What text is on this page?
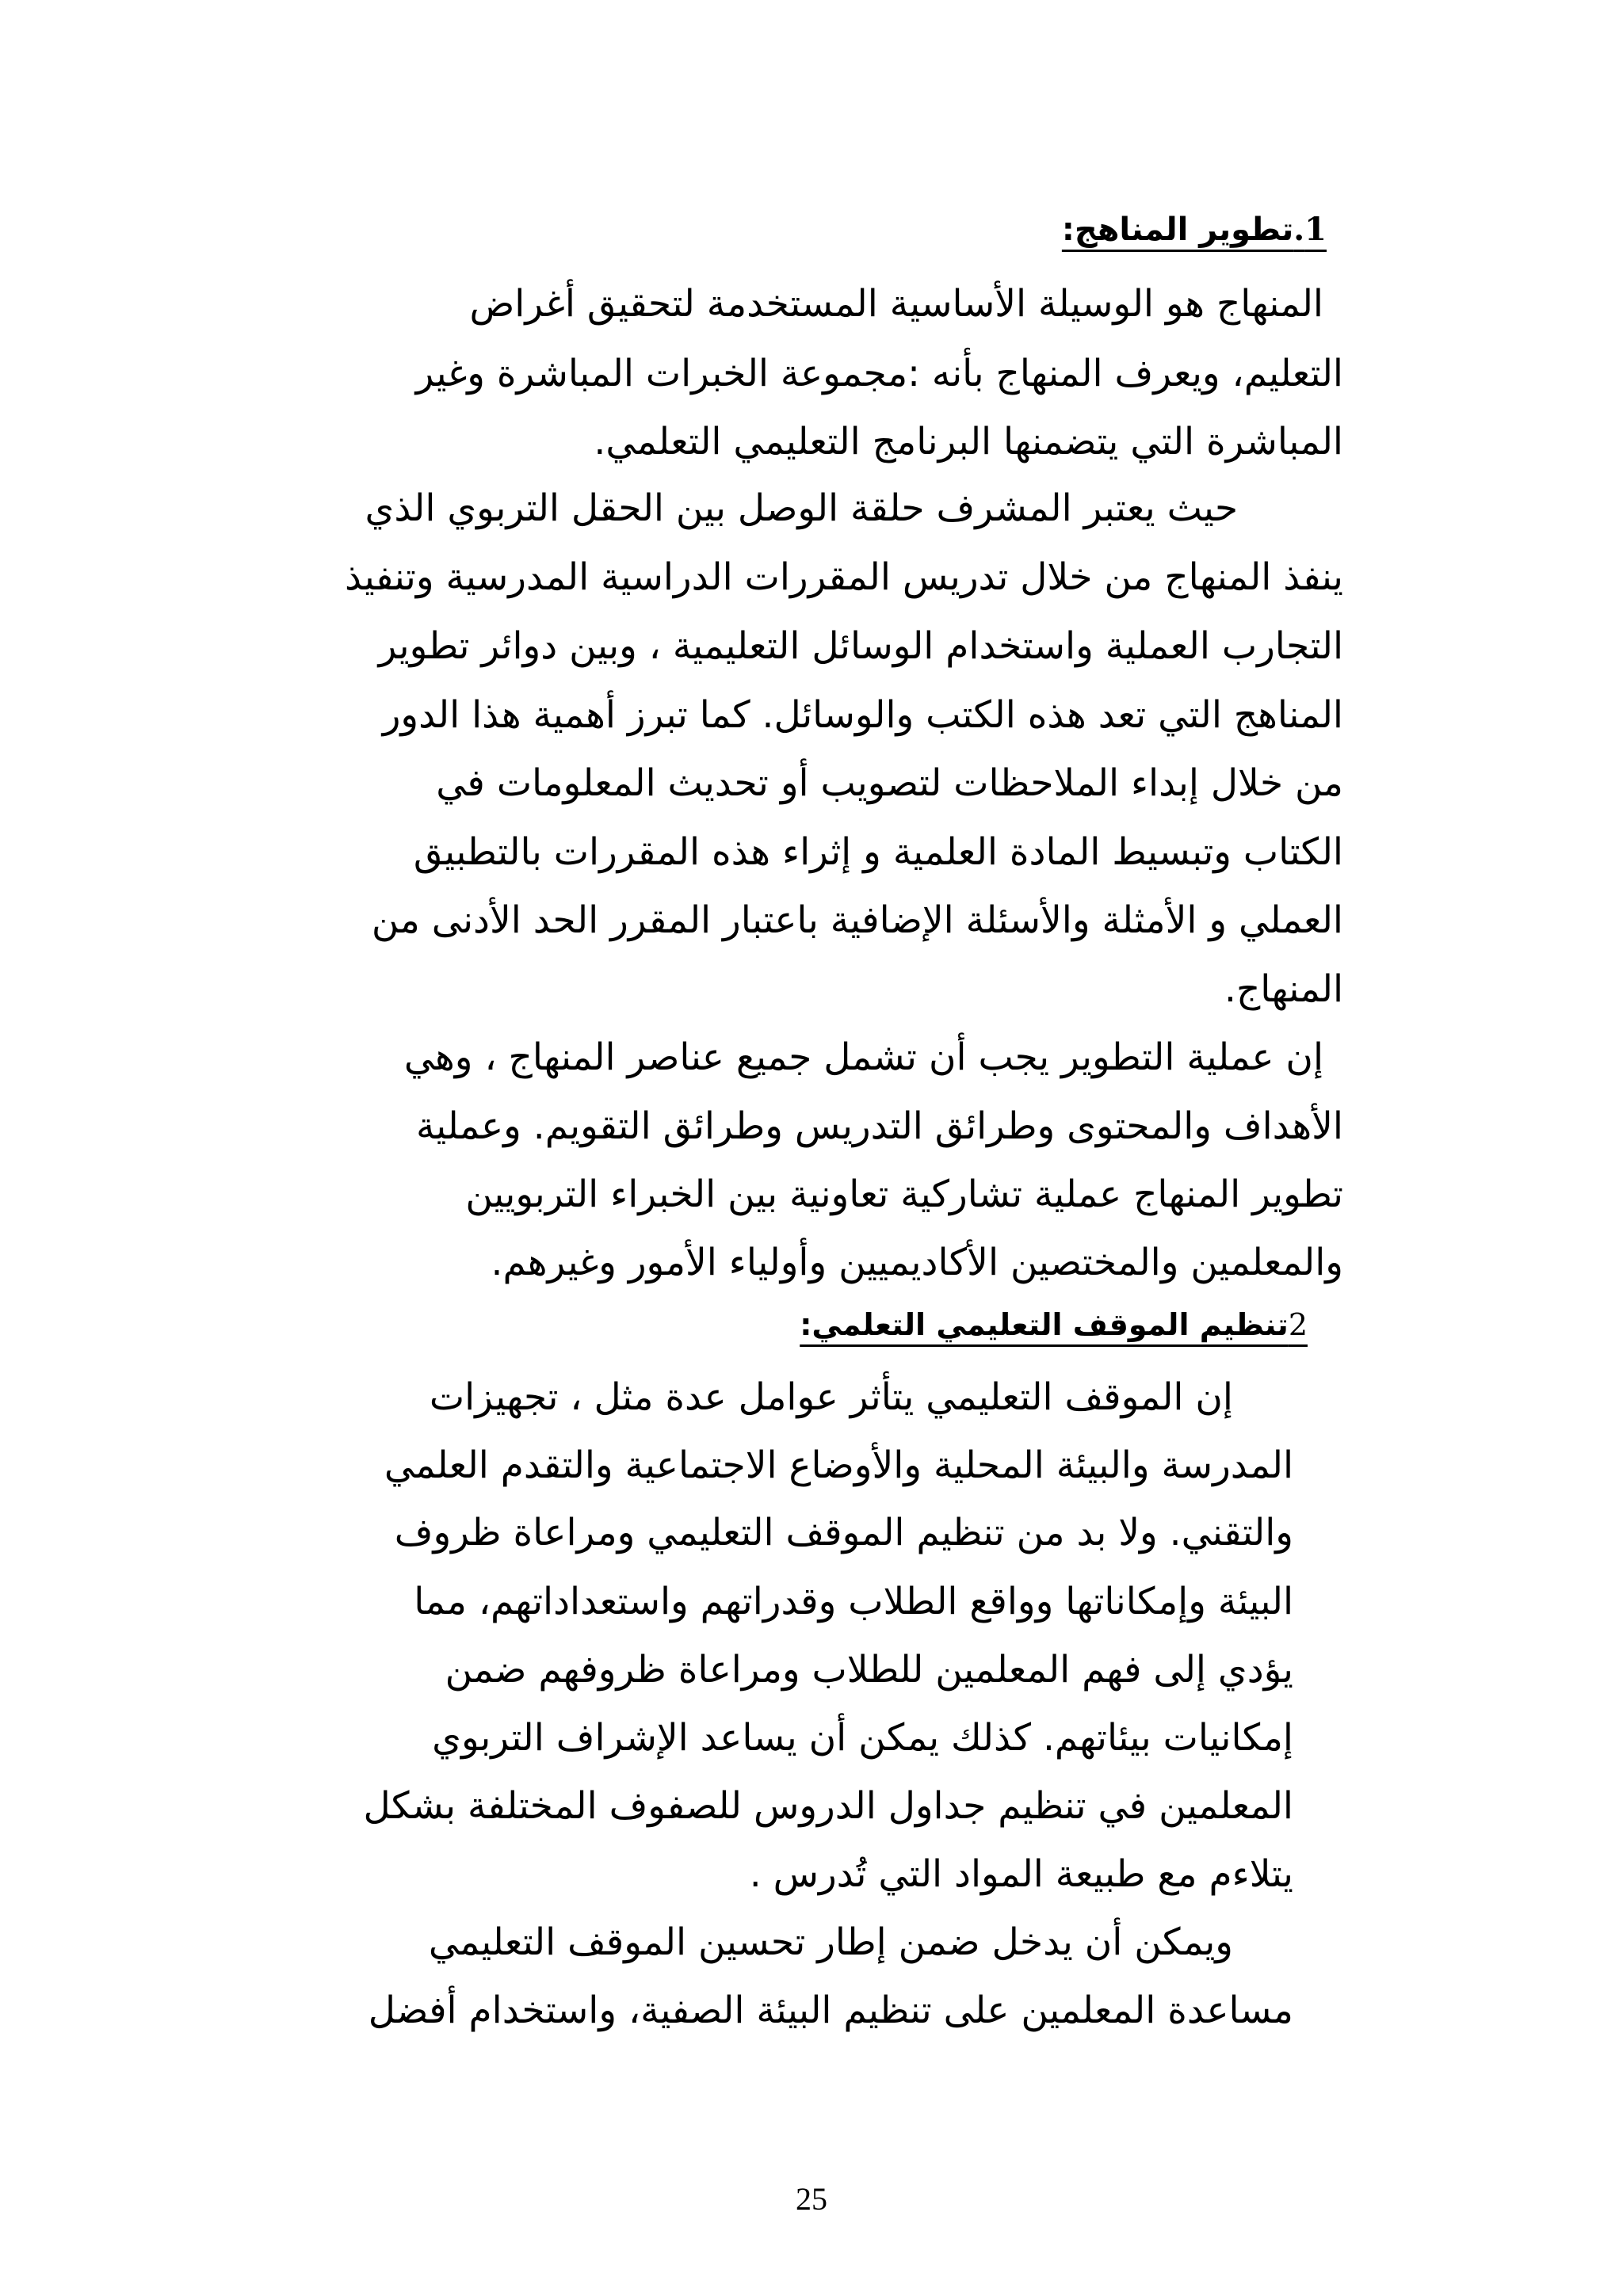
1.تطوير المناهج:
المنهاج هو الوسيلة الأساسية المستخدمة لتحقيق أغراض
التعليم، ويعرف المنهاج بأنه :مجموعة الخبرات المباشرة وغير
المباشرة التي يتضمنها البرنامج التعليمي التعلمي.
حيث يعتبر المشرف حلقة الوصل بين الحقل التربوي الذي
ينفذ المنهاج من خلال تدريس المقررات الدراسية المدرسية وتنفيذ
التجارب العملية واستخدام الوسائل التعليمية ، وبين دوائر تطوير
المناهج التي تعد هذه الكتب والوسائل. كما تبرز أهمية هذا الدور
من خلال إبداء الملاحظات لتصويب أو تحديث المعلومات في
الكتاب وتبسيط المادة العلمية و إثراء هذه المقررات بالتطبيق
العملي و الأمثلة والأسئلة الإضافية باعتبار المقرر الحد الأدنى من
المنهاج.
إن عملية التطوير يجب أن تشمل جميع عناصر المنهاج ، وهي
الأهداف والمحتوى وطرائق التدريس وطرائق التقويم. وعملية
تطوير المنهاج عملية تشاركية تعاونية بين الخبراء التربويين
والمعلمين والمختصين الأكاديميين وأولياء الأمور وغيرهم.
2تنظيم الموقف التعليمي التعلمي:
إن الموقف التعليمي يتأثر عوامل عدة مثل ، تجهيزات
المدرسة والبيئة المحلية والأوضاع الاجتماعية والتقدم العلمي
والتقني. ولا بد من تنظيم الموقف التعليمي ومراعاة ظروف
البيئة وإمكاناتها وواقع الطلاب وقدراتهم واستعداداتهم، مما
يؤدي إلى فهم المعلمين للطلاب ومراعاة ظروفهم ضمن
إمكانيات بيئاتهم. كذلك يمكن أن يساعد الإشراف التربوي
المعلمين في تنظيم جداول الدروس للصفوف المختلفة بشكل
يتلاءم مع طبيعة المواد التي تُدرس .
ويمكن أن يدخل ضمن إطار تحسين الموقف التعليمي
مساعدة المعلمين على تنظيم البيئة الصفية، واستخدام أفضل
25
